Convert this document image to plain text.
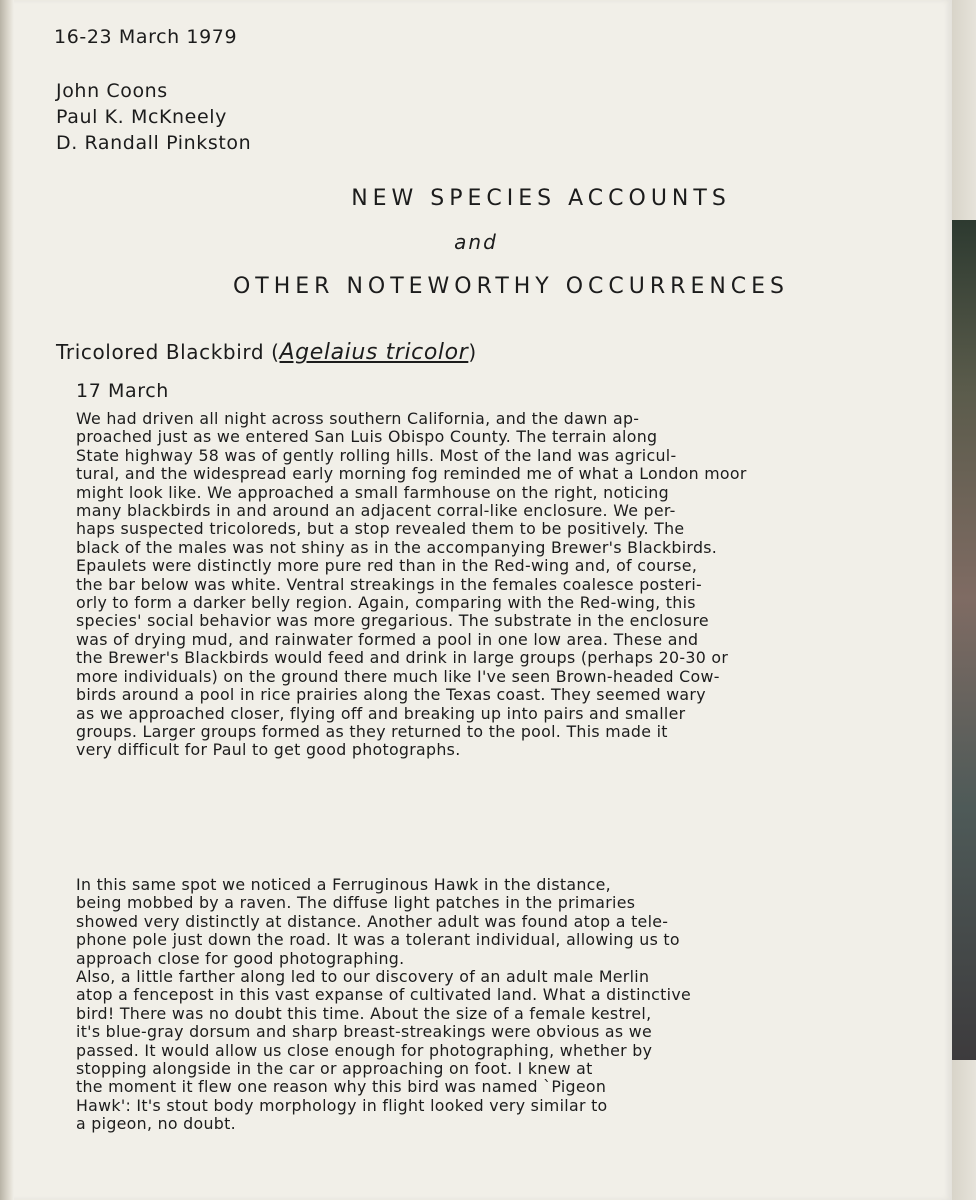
16-23 March 1979
John Coons
Paul K. McKneely
D. Randall Pinkston
NEW SPECIES ACCOUNTS
and
OTHER NOTEWORTHY OCCURRENCES
Tricolored Blackbird (Agelaius tricolor)
17 March
We had driven all night across southern California, and the dawn ap-
proached just as we entered San Luis Obispo County. The terrain along
State highway 58 was of gently rolling hills. Most of the land was agricul-
tural, and the widespread early morning fog reminded me of what a London moor
might look like. We approached a small farmhouse on the right, noticing
many blackbirds in and around an adjacent corral-like enclosure. We per-
haps suspected tricoloreds, but a stop revealed them to be positively. The
black of the males was not shiny as in the accompanying Brewer's Blackbirds.
Epaulets were distinctly more pure red than in the Red-wing and, of course,
the bar below was white. Ventral streakings in the females coalesce posteri-
orly to form a darker belly region. Again, comparing with the Red-wing, this
species' social behavior was more gregarious. The substrate in the enclosure
was of drying mud, and rainwater formed a pool in one low area. These and
the Brewer's Blackbirds would feed and drink in large groups (perhaps 20-30 or
more individuals) on the ground there much like I've seen Brown-headed Cow-
birds around a pool in rice prairies along the Texas coast. They seemed wary
as we approached closer, flying off and breaking up into pairs and smaller
groups. Larger groups formed as they returned to the pool. This made it
very difficult for Paul to get good photographs.
In this same spot we noticed a Ferruginous Hawk in the distance,
being mobbed by a raven. The diffuse light patches in the primaries
showed very distinctly at distance. Another adult was found atop a tele-
phone pole just down the road. It was a tolerant individual, allowing us to
approach close for good photographing.
Also, a little farther along led to our discovery of an adult male Merlin
atop a fencepost in this vast expanse of cultivated land. What a distinctive
bird! There was no doubt this time. About the size of a female kestrel,
it's blue-gray dorsum and sharp breast-streakings were obvious as we
passed. It would allow us close enough for photographing, whether by
stopping alongside in the car or approaching on foot. I knew at
the moment it flew one reason why this bird was named `Pigeon
Hawk': It's stout body morphology in flight looked very similar to
a pigeon, no doubt.
